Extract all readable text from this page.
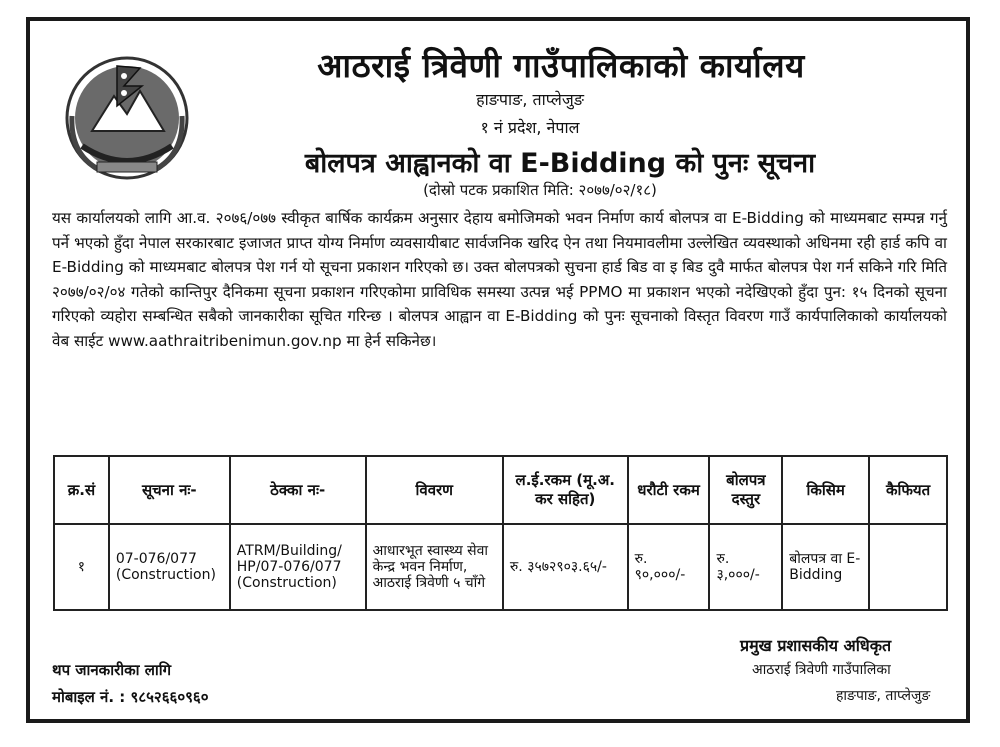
आठराई त्रिवेणी गाउँपालिकाको कार्यालय
हाङपाङ, ताप्लेजुङ
१ नं प्रदेश, नेपाल
बोलपत्र आह्वानको वा E-Bidding को पुनः सूचना
(दोस्रो पटक प्रकाशित मिति: २०७७/०२/१८)
यस कार्यालयको लागि आ.व. २०७६/०७७ स्वीकृत बार्षिक कार्यक्रम अनुसार देहाय बमोजिमको भवन निर्माण कार्य बोलपत्र वा E-Bidding को माध्यमबाट सम्पन्न गर्नु पर्ने भएको हुँदा नेपाल सरकारबाट इजाजत प्राप्त योग्य निर्माण व्यवसायीबाट सार्वजनिक खरिद ऐन तथा नियमावलीमा उल्लेखित व्यवस्थाको अधिनमा रही हार्ड कपि वा E-Bidding को माध्यमबाट बोलपत्र पेश गर्न यो सूचना प्रकाशन गरिएको छ। उक्त बोलपत्रको सुचना हार्ड बिड वा इ बिड दुवै मार्फत बोलपत्र पेश गर्न सकिने गरि मिति २०७७/०२/०४ गतेको कान्तिपुर दैनिकमा सूचना प्रकाशन गरिएकोमा प्राविधिक समस्या उत्पन्न भई PPMO मा प्रकाशन भएको नदेखिएको हुँदा पुन: १५ दिनको सूचना गरिएको व्यहोरा सम्बन्धित सबैको जानकारीका सूचित गरिन्छ । बोलपत्र आह्वान वा E-Bidding को पुनः सूचनाको विस्तृत विवरण गाउँ कार्यपालिकाको कार्यालयको वेब साईट www.aathraitribenimun.gov.np मा हेर्न सकिनेछ।
क्र.सं	सूचना नः-	ठेक्का नः-	विवरण	ल.ई.रकम (मू.अ. कर सहित)	धरौटी रकम	बोलपत्र दस्तुर	किसिम	कैफियत
१	07-076/077 (Construction)	ATRM/Building/ HP/07-076/077 (Construction)	आधारभूत स्वास्थ्य सेवा केन्द्र भवन निर्माण, आठराई त्रिवेणी ५ चाँगे	रु. ३५७२९०३.६५/-	रु. ९०,०००/-	रु. ३,०००/-	बोलपत्र वा E-Bidding	
प्रमुख प्रशासकीय अधिकृत
आठराई त्रिवेणी गाउँपालिका
हाङपाङ, ताप्लेजुङ
थप जानकारीका लागि
मोबाइल नं. : ९८५२६६०९६०
